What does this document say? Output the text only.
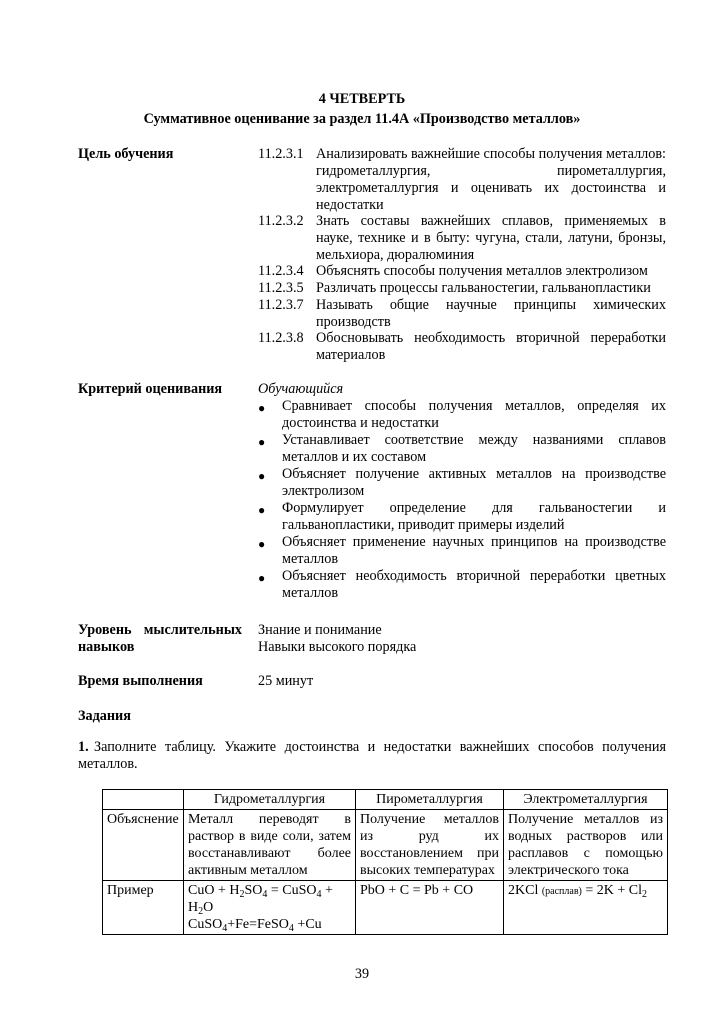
4 ЧЕТВЕРТЬ
Суммативное оценивание за раздел 11.4А «Производство металлов»
Цель обучения	11.2.3.1 Анализировать важнейшие способы получения металлов: гидрометаллургия, пирометаллургия, электрометаллургия и оценивать их достоинства и недостатки
11.2.3.2 Знать составы важнейших сплавов, применяемых в науке, технике и в быту: чугуна, стали, латуни, бронзы, мельхиора, дюралюминия
11.2.3.4 Объяснять способы получения металлов электролизом
11.2.3.5 Различать процессы гальваностегии, гальванопластики
11.2.3.7 Называть общие научные принципы химических производств
11.2.3.8 Обосновывать необходимость вторичной переработки материалов
Критерий оценивания	Обучающийся
● Сравнивает способы получения металлов, определяя их достоинства и недостатки
● Устанавливает соответствие между названиями сплавов металлов и их составом
● Объясняет получение активных металлов на производстве электролизом
● Формулирует определение для гальваностегии и гальванопластики, приводит примеры изделий
● Объясняет применение научных принципов на производстве металлов
● Объясняет необходимость вторичной переработки цветных металлов
Уровень мыслительных
навыков
Знание и понимание
Навыки высокого порядка
Время выполнения	25 минут
Задания
1. Заполните таблицу. Укажите достоинства и недостатки важнейших способов получения металлов.
	Гидрометаллургия	Пирометаллургия	Электрометаллургия
Объяснение	Металл переводят в раствор в виде соли, затем восстанавливают более активным металлом	Получение металлов из руд их восстановлением при высоких температурах	Получение металлов из водных растворов или расплавов с помощью электрического тока
Пример	CuO + $H_2SO_4$ = CuSO$_4$ +
$H_2O$
CuSO$_4$+Fe=FeSO$_4$ +Cu	PbO + C = Pb + CO	2KCl (расплав) = $2K + Cl_2$
39
